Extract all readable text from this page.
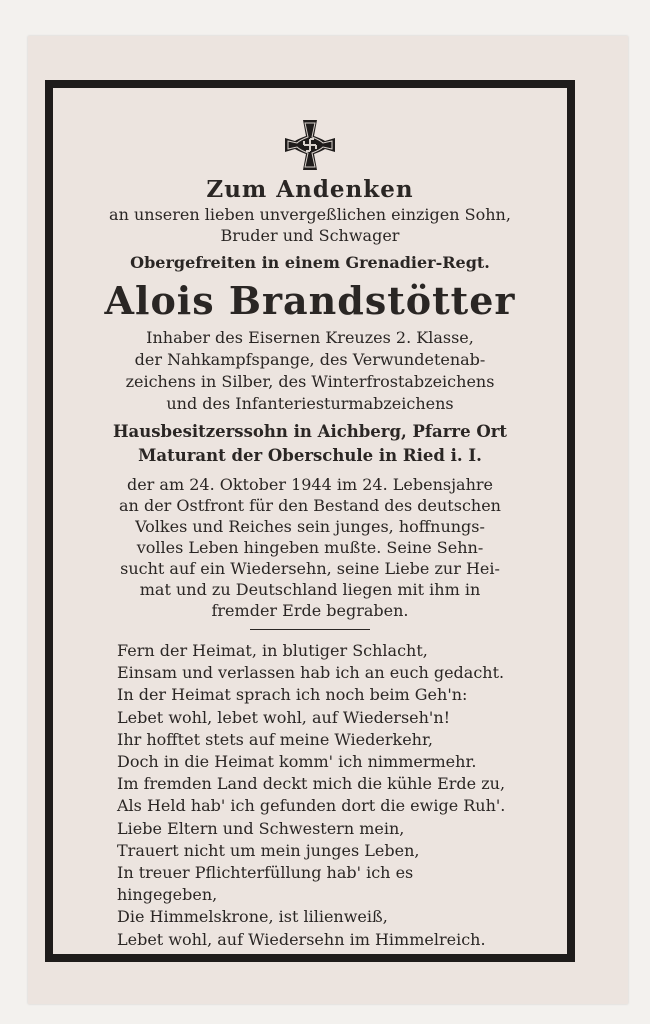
Zum Andenken

an unseren lieben unvergeßlichen einzigen Sohn,

Bruder und Schwager

Obergefreiten in einem Grenadier-Regt.

Alois Brandstötter

Inhaber des Eisernen Kreuzes 2. Klasse,

der Nahkampfspange, des Verwundetenab-

zeichens in Silber, des Winterfrostabzeichens

und des Infanteriesturmabzeichens

Hausbesitzerssohn in Aichberg, Pfarre Ort

Maturant der Oberschule in Ried i. I.

der am 24. Oktober 1944 im 24. Lebensjahre

an der Ostfront für den Bestand des deutschen

Volkes und Reiches sein junges, hoffnungs-

volles Leben hingeben mußte. Seine Sehn-

sucht auf ein Wiedersehn, seine Liebe zur Hei-

mat und zu Deutschland liegen mit ihm in

fremder Erde begraben.

Fern der Heimat, in blutiger Schlacht,

Einsam und verlassen hab ich an euch gedacht.

In der Heimat sprach ich noch beim Geh'n:

Lebet wohl, lebet wohl, auf Wiederseh'n!

Ihr hofftet stets auf meine Wiederkehr,

Doch in die Heimat komm' ich nimmermehr.

Im fremden Land deckt mich die kühle Erde zu,

Als Held hab' ich gefunden dort die ewige Ruh'.

Liebe Eltern und Schwestern mein,

Trauert nicht um mein junges Leben,

In treuer Pflichterfüllung hab' ich es

hingegeben,

Die Himmelskrone, ist lilienweiß,

Lebet wohl, auf Wiedersehn im Himmelreich.
